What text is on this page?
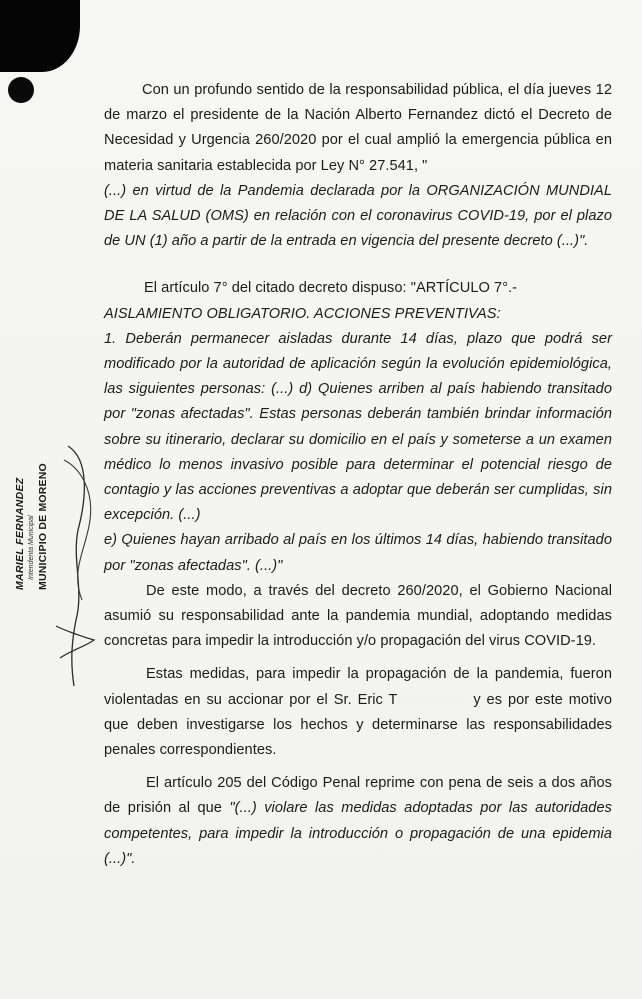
Con un profundo sentido de la responsabilidad pública, el día jueves 12 de marzo el presidente de la Nación Alberto Fernandez dictó el Decreto de Necesidad y Urgencia 260/2020 por el cual amplió la emergencia pública en materia sanitaria establecida por Ley N° 27.541, "

(...) en virtud de la Pandemia declarada por la ORGANIZACIÓN MUNDIAL DE LA SALUD (OMS) en relación con el coronavirus COVID-19, por el plazo de UN (1) año a partir de la entrada en vigencia del presente decreto (...)".

El artículo 7° del citado decreto dispuso: "ARTÍCULO 7°.-

AISLAMIENTO OBLIGATORIO. ACCIONES PREVENTIVAS:

1. Deberán permanecer aisladas durante 14 días, plazo que podrá ser modificado por la autoridad de aplicación según la evolución epidemiológica, las siguientes personas: (...) d) Quienes arriben al país habiendo transitado por "zonas afectadas". Estas personas deberán también brindar información sobre su itinerario, declarar su domicilio en el país y someterse a un examen médico lo menos invasivo posible para determinar el potencial riesgo de contagio y las acciones preventivas a adoptar que deberán ser cumplidas, sin excepción. (...)

e) Quienes hayan arribado al país en los últimos 14 días, habiendo transitado por "zonas afectadas". (...)"

De este modo, a través del decreto 260/2020, el Gobierno Nacional asumió su responsabilidad ante la pandemia mundial, adoptando medidas concretas para impedir la introducción y/o propagación del virus COVID-19.

Estas medidas, para impedir la propagación de la pandemia, fueron violentadas en su accionar por el Sr. Eric T	y es por este motivo que deben investigarse los hechos y determinarse las responsabilidades penales correspondientes.

El artículo 205 del Código Penal reprime con pena de seis a dos años de prisión al que "(...) violare las medidas adoptadas por las autoridades competentes, para impedir la introducción o propagación de una epidemia (...)".

MARIEL FERNANDEZ Intendenta Municipal MUNICIPIO DE MORENO
